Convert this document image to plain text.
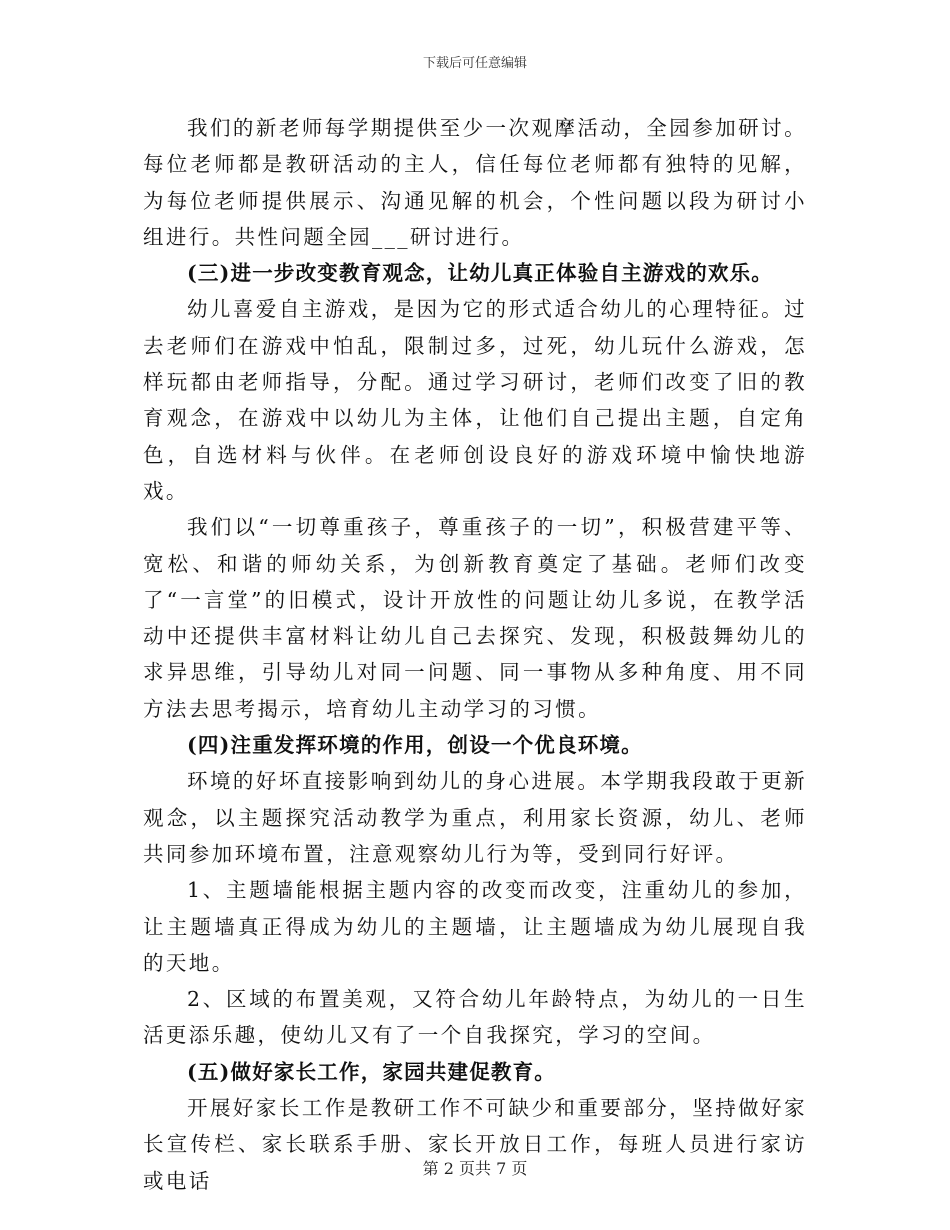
下载后可任意编辑

我们的新老师每学期提供至少一次观摩活动，全园参加研讨。每位老师都是教研活动的主人，信任每位老师都有独特的见解，为每位老师提供展示、沟通见解的机会，个性问题以段为研讨小组进行。共性问题全园___研讨进行。

(三)进一步改变教育观念，让幼儿真正体验自主游戏的欢乐。

幼儿喜爱自主游戏，是因为它的形式适合幼儿的心理特征。过去老师们在游戏中怕乱，限制过多，过死，幼儿玩什么游戏，怎样玩都由老师指导，分配。通过学习研讨，老师们改变了旧的教育观念，在游戏中以幼儿为主体，让他们自己提出主题，自定角色，自选材料与伙伴。在老师创设良好的游戏环境中愉快地游戏。

我们以“一切尊重孩子，尊重孩子的一切”，积极营建平等、宽松、和谐的师幼关系，为创新教育奠定了基础。老师们改变了“一言堂”的旧模式，设计开放性的问题让幼儿多说，在教学活动中还提供丰富材料让幼儿自己去探究、发现，积极鼓舞幼儿的求异思维，引导幼儿对同一问题、同一事物从多种角度、用不同方法去思考揭示，培育幼儿主动学习的习惯。

(四)注重发挥环境的作用，创设一个优良环境。

环境的好坏直接影响到幼儿的身心进展。本学期我段敢于更新观念，以主题探究活动教学为重点，利用家长资源，幼儿、老师共同参加环境布置，注意观察幼儿行为等，受到同行好评。

1、主题墙能根据主题内容的改变而改变，注重幼儿的参加，让主题墙真正得成为幼儿的主题墙，让主题墙成为幼儿展现自我的天地。

2、区域的布置美观，又符合幼儿年龄特点，为幼儿的一日生活更添乐趣，使幼儿又有了一个自我探究，学习的空间。

(五)做好家长工作，家园共建促教育。

开展好家长工作是教研工作不可缺少和重要部分，坚持做好家长宣传栏、家长联系手册、家长开放日工作，每班人员进行家访或电话

第 2 页共 7 页
